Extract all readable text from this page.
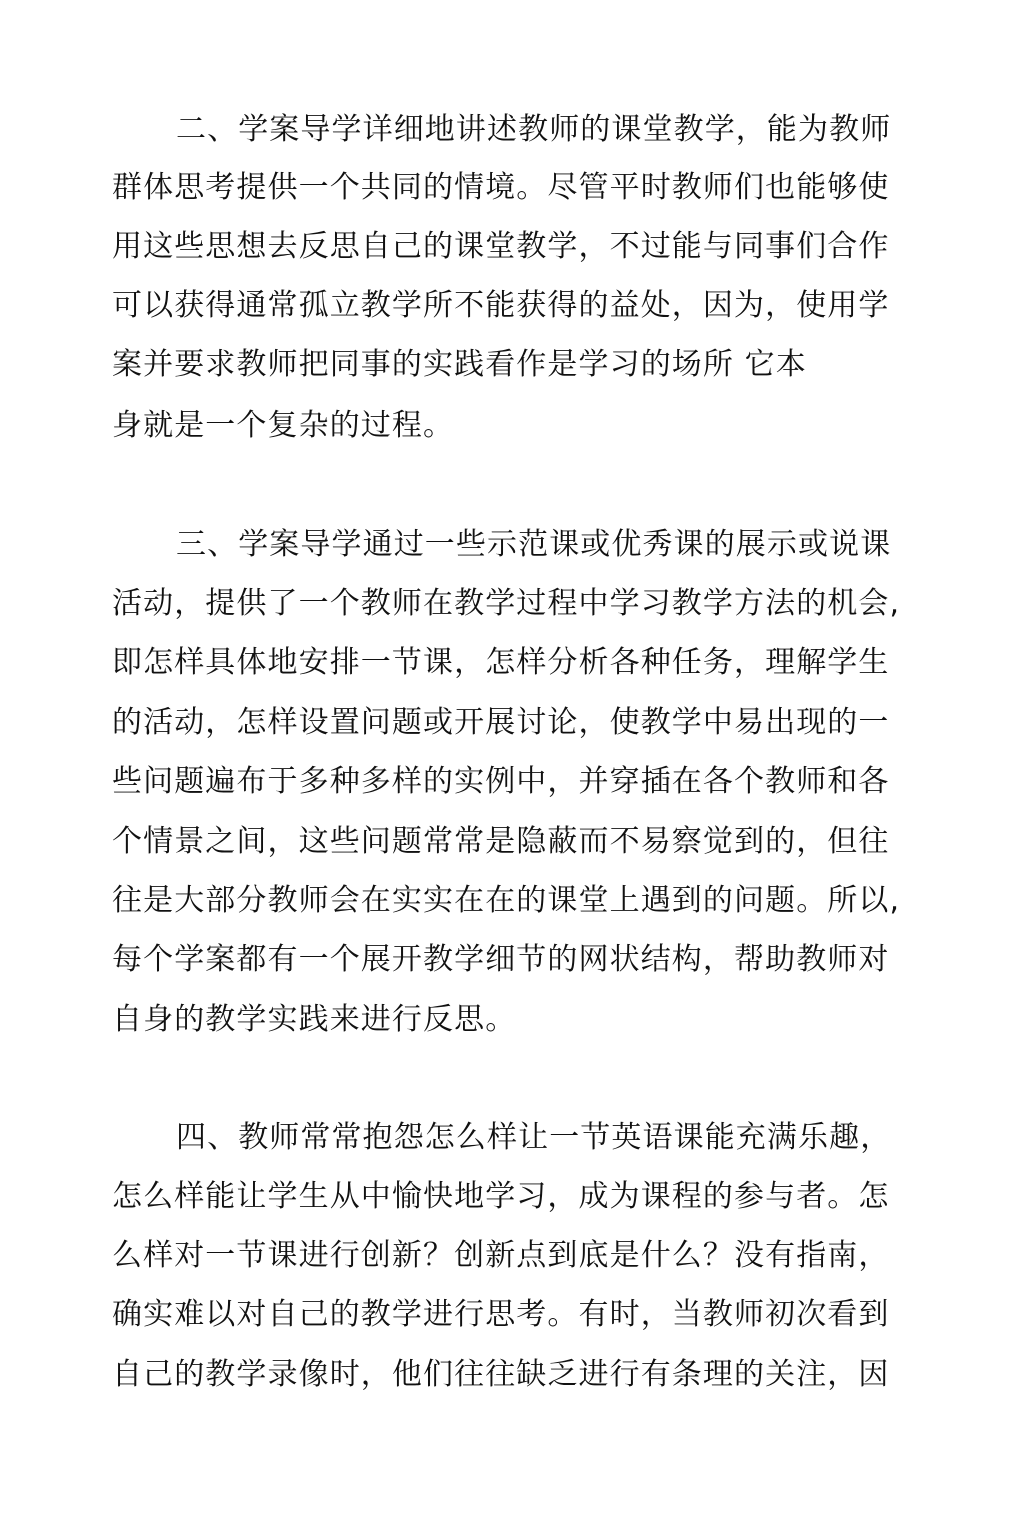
二、学案导学详细地讲述教师的课堂教学，能为教师
群体思考提供一个共同的情境。尽管平时教师们也能够使
用这些思想去反思自己的课堂教学，不过能与同事们合作
可以获得通常孤立教学所不能获得的益处，因为，使用学
案并要求教师把同事的实践看作是学习的场所 它本
身就是一个复杂的过程。
三、学案导学通过一些示范课或优秀课的展示或说课
活动，提供了一个教师在教学过程中学习教学方法的机会,
即怎样具体地安排一节课，怎样分析各种任务，理解学生
的活动，怎样设置问题或开展讨论，使教学中易出现的一
些问题遍布于多种多样的实例中，并穿插在各个教师和各
个情景之间，这些问题常常是隐蔽而不易察觉到的，但往
往是大部分教师会在实实在在的课堂上遇到的问题。所以,
每个学案都有一个展开教学细节的网状结构，帮助教师对
自身的教学实践来进行反思。
四、教师常常抱怨怎么样让一节英语课能充满乐趣，
怎么样能让学生从中愉快地学习，成为课程的参与者。怎
么样对一节课进行创新？创新点到底是什么？没有指南，
确实难以对自己的教学进行思考。有时，当教师初次看到
自己的教学录像时，他们往往缺乏进行有条理的关注，因
